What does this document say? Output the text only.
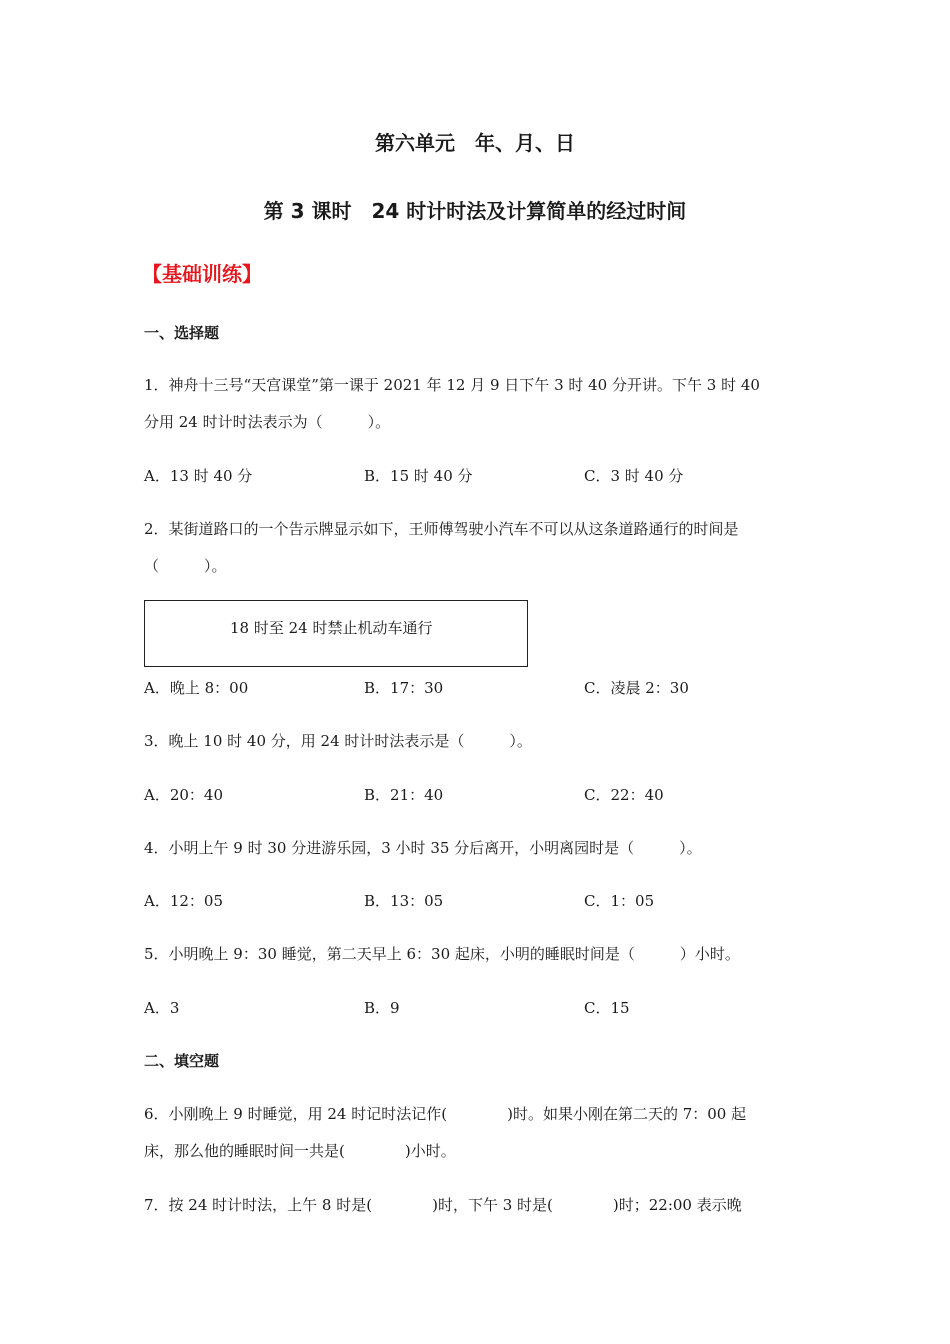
第六单元　年、月、日
第 3 课时　24 时计时法及计算简单的经过时间
【基础训练】
一、选择题
1．神舟十三号“天宫课堂”第一课于 2021 年 12 月 9 日下午 3 时 40 分开讲。下午 3 时 40
分用 24 时计时法表示为（　　　）。
A．13 时 40 分	B．15 时 40 分	C．3 时 40 分
2．某街道路口的一个告示牌显示如下，王师傅驾驶小汽车不可以从这条道路通行的时间是
（　　　）。
18 时至 24 时禁止机动车通行
A．晚上 8：00	B．17：30	C．凌晨 2：30
3．晚上 10 时 40 分，用 24 时计时法表示是（　　　）。
A．20：40	B．21：40	C．22：40
4．小明上午 9 时 30 分进游乐园，3 小时 35 分后离开，小明离园时是（　　　）。
A．12：05	B．13：05	C．1：05
5．小明晚上 9：30 睡觉，第二天早上 6：30 起床，小明的睡眠时间是（　　　）小时。
A．3	B．9	C．15
二、填空题
6．小刚晚上 9 时睡觉，用 24 时记时法记作(　　　　)时。如果小刚在第二天的 7：00 起
床，那么他的睡眠时间一共是(　　　　)小时。
7．按 24 时计时法，上午 8 时是(　　　　)时，下午 3 时是(　　　　)时；22:00 表示晚
